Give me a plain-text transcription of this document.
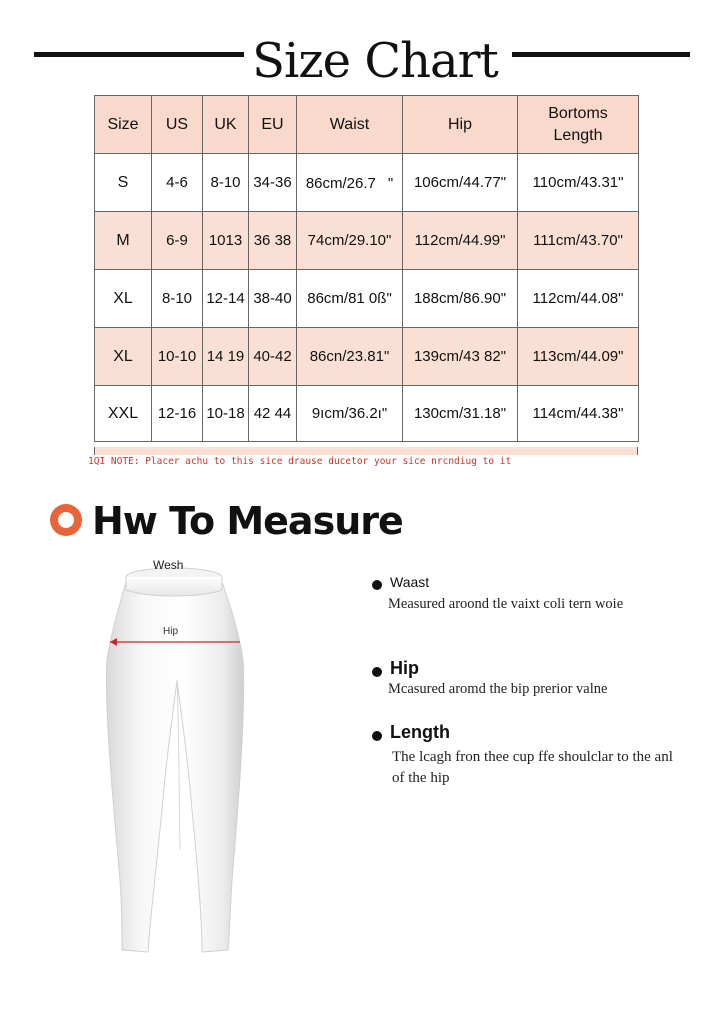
Size Chart
Size	US	UK	EU	Waist	Hip	Bortoms Length
S	4-6	8-10	34-36	86cm/26.7"	106cm/44.77"	110cm/43.31"
M	6-9	1013	36 38	74cm/29.10"	112cm/44.99"	111cm/43.70"
XL	8-10	12-14	38-40	86cm/81 0ß"	188cm/86.90"	112cm/44.08"
XL	10-10	14 19	40-42	86cn/23.81"	139cm/43 82"	113cm/44.09"
XXL	12-16	10-18	42 44	9ıcm/36.2ı"	130cm/31.18"	114cm/44.38"
1QI NOTE: Placer achu to this sice drause ducetor your sice nrcndiug to it
Hw To Measure
Wesh
Hip
Waast
Measured aroond tle vaixt coli tern woie
Hip
Mcasured aromd the bip prerior valne
Length
The lcagh fron thee cup ffe shoulclar to the anl of the hip
